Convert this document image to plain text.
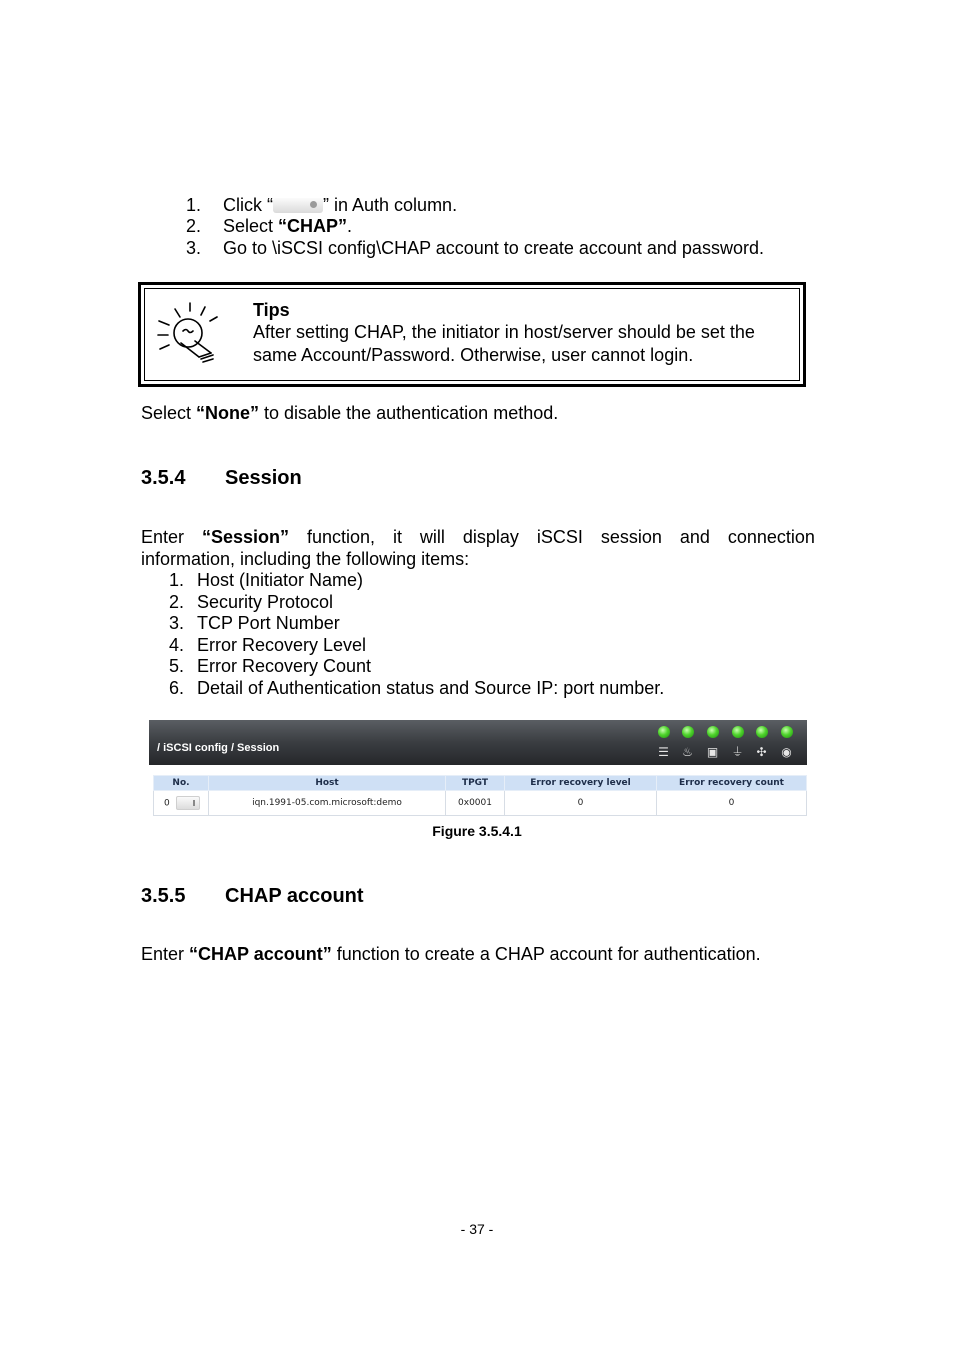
1. Click “	” in Auth column.
2. Select “CHAP”.
3. Go to \iSCSI config\CHAP account to create account and password.
Tips
After setting CHAP, the initiator in host/server should be set the
same Account/Password. Otherwise, user cannot login.
Select “None” to disable the authentication method.
3.5.4 Session
Enter “Session” function, it will display iSCSI session and connection
information, including the following items:
1. Host (Initiator Name)
2. Security Protocol
3. TCP Port Number
4. Error Recovery Level
5. Error Recovery Count
6. Detail of Authentication status and Source IP: port number.
/ iSCSI config / Session	☰ ♨ ▣ ⏚ ✣ ◉
No.	Host	TPGT	Error recovery level	Error recovery count
0	iqn.1991-05.com.microsoft:demo	0x0001	0	0
Figure 3.5.4.1
3.5.5 CHAP account
Enter “CHAP account” function to create a CHAP account for authentication.
- 37 -
